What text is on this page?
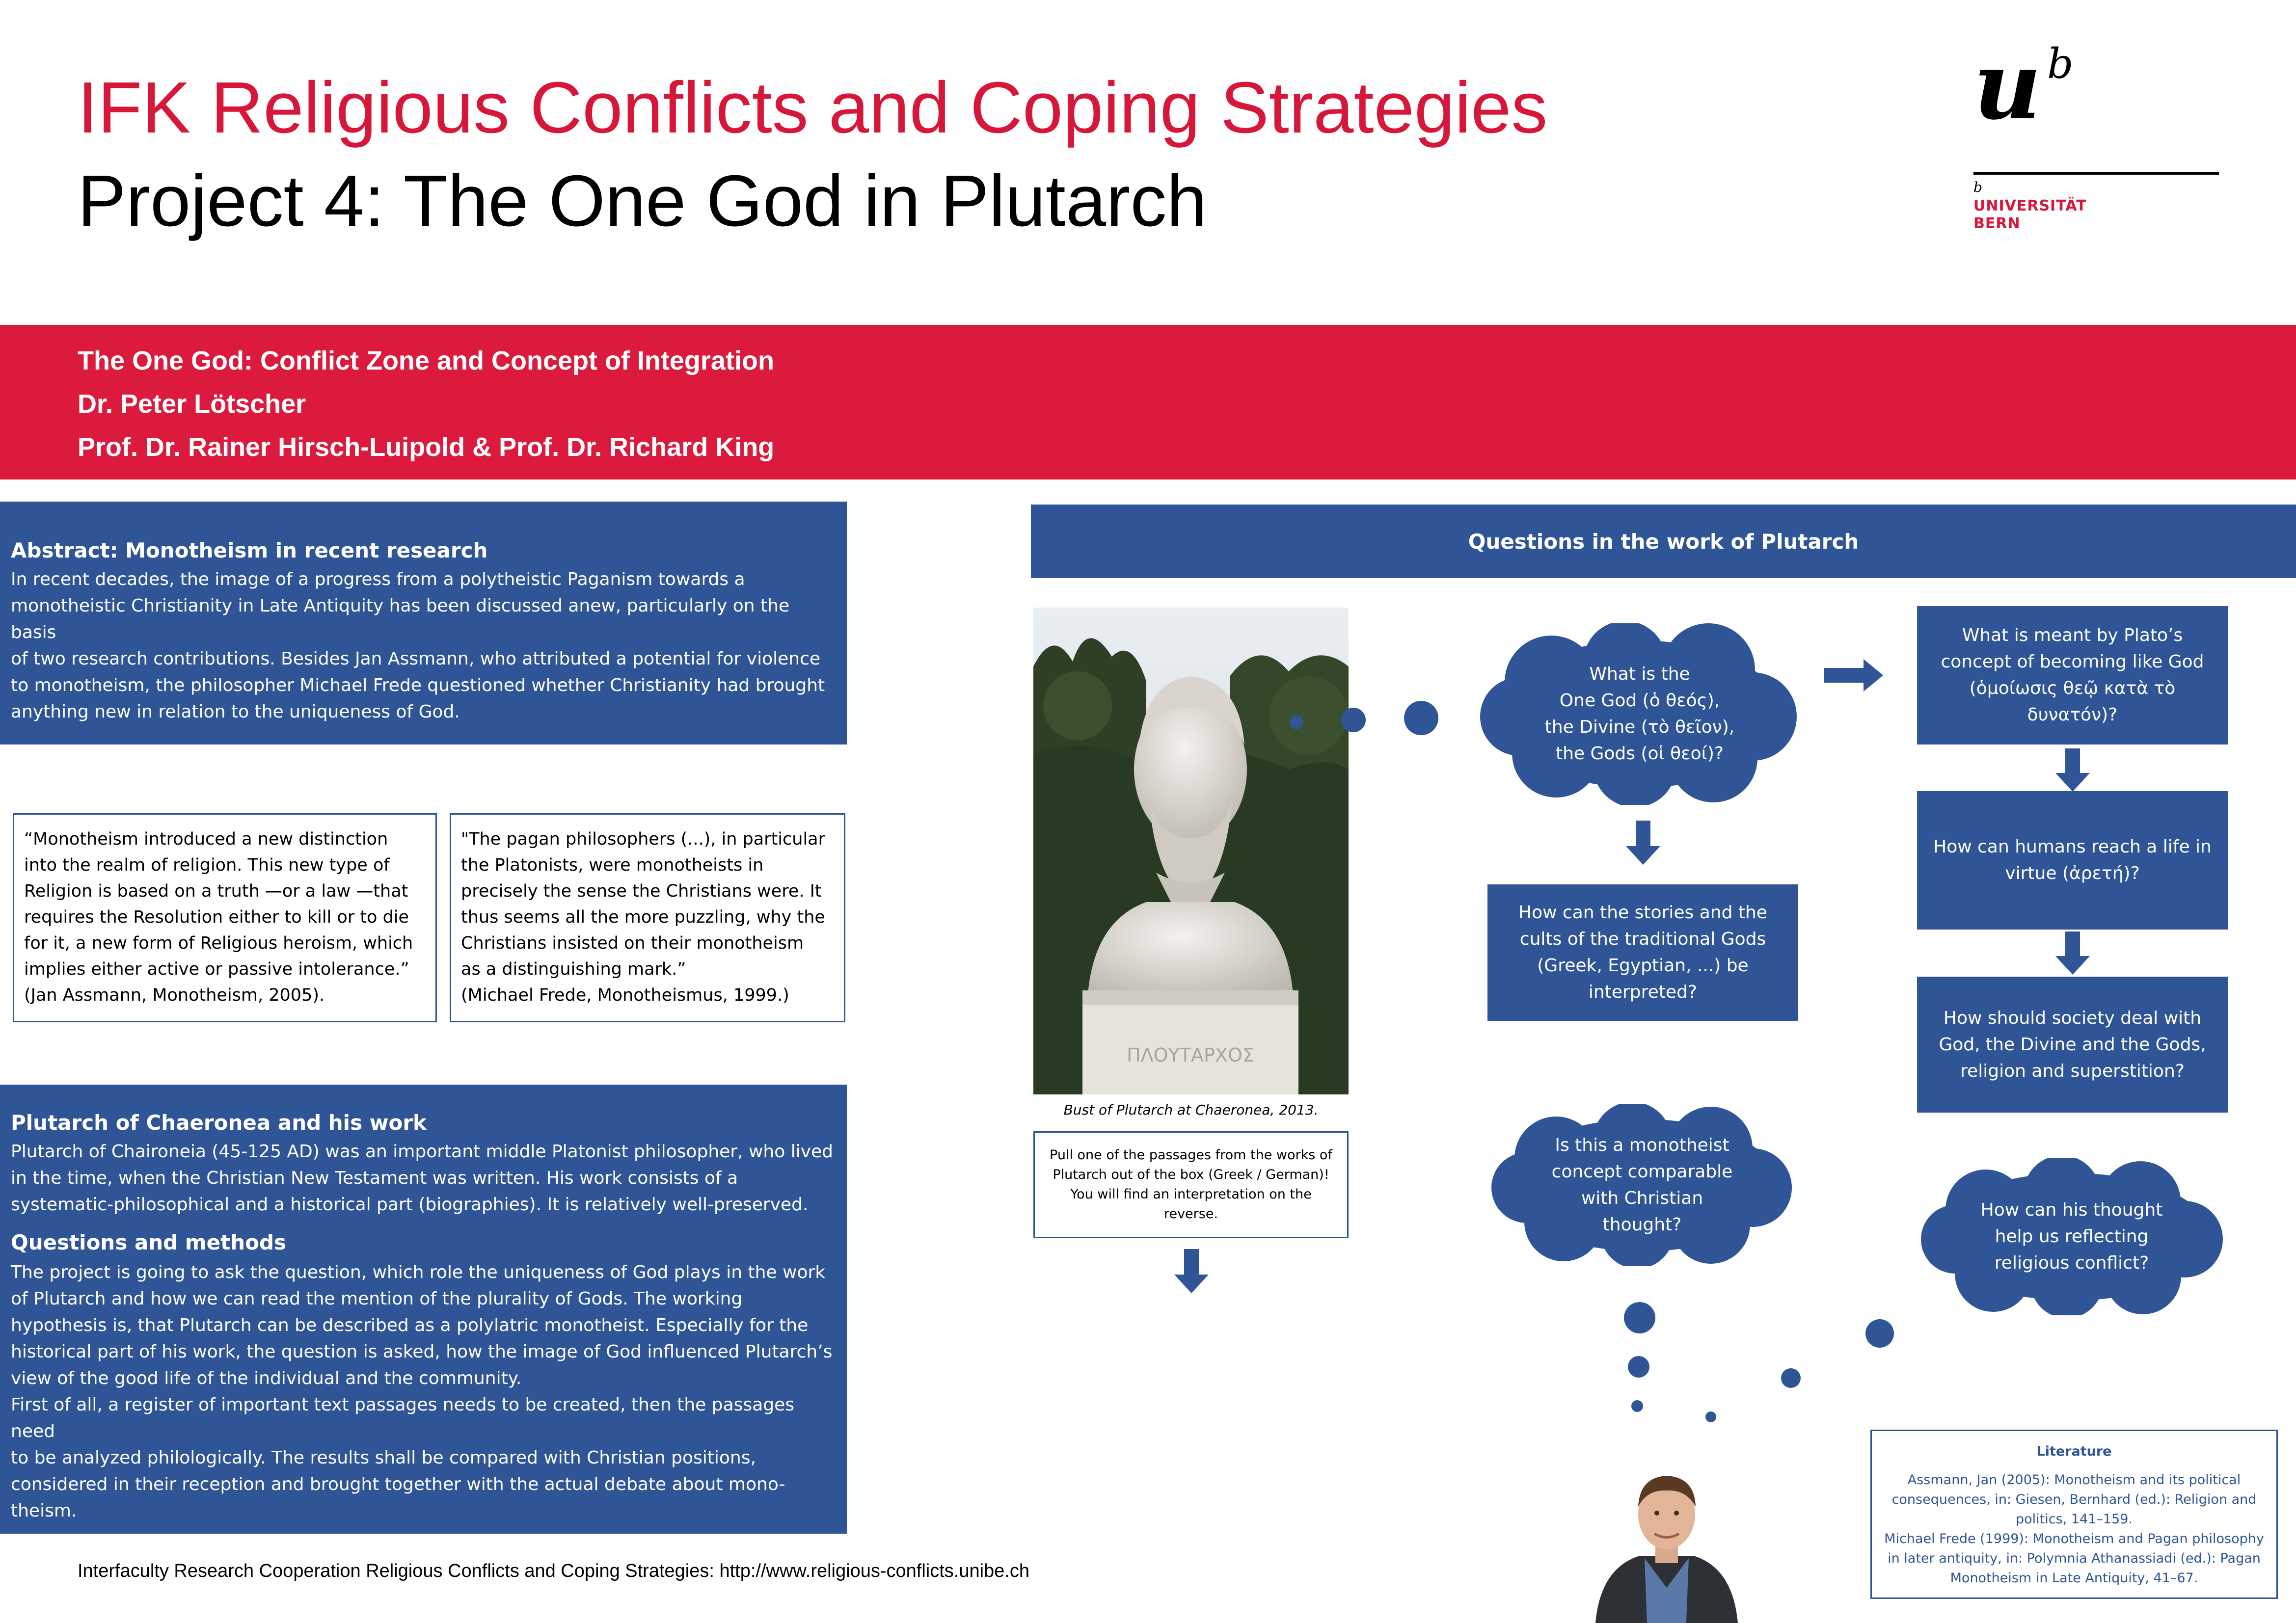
IFK Religious Conflicts and Coping Strategies
Project 4: The One God in Plutarch
u b
b
UNIVERSITÄT
BERN
The One God: Conflict Zone and Concept of Integration
Dr. Peter Lötscher
Prof. Dr. Rainer Hirsch-Luipold & Prof. Dr. Richard King
Abstract: Monotheism in recent research
In recent decades, the image of a progress from a polytheistic Paganism towards a
monotheistic Christianity in Late Antiquity has been discussed anew, particularly on the basis
of two research contributions. Besides Jan Assmann, who attributed a potential for violence
to monotheism, the philosopher Michael Frede questioned whether Christianity had brought
anything new in relation to the uniqueness of God.
“Monotheism introduced a new distinction
into the realm of religion. This new type of
Religion is based on a truth —or a law —that
requires the Resolution either to kill or to die
for it, a new form of Religious heroism, which
implies either active or passive intolerance.”
(Jan Assmann, Monotheism, 2005).
"The pagan philosophers (...), in particular
the Platonists, were monotheists in
precisely the sense the Christians were. It
thus seems all the more puzzling, why the
Christians insisted on their monotheism
as a distinguishing mark.”
(Michael Frede, Monotheismus, 1999.)
Plutarch of Chaeronea and his work
Plutarch of Chaironeia (45-125 AD) was an important middle Platonist philosopher, who lived
in the time, when the Christian New Testament was written. His work consists of a
systematic-philosophical and a historical part (biographies). It is relatively well-preserved.
Questions and methods
The project is going to ask the question, which role the uniqueness of God plays in the work
of Plutarch and how we can read the mention of the plurality of Gods. The working
hypothesis is, that Plutarch can be described as a polylatric monotheist. Especially for the
historical part of his work, the question is asked, how the image of God influenced Plutarch’s
view of the good life of the individual and the community.
First of all, a register of important text passages needs to be created, then the passages need
to be analyzed philologically. The results shall be compared with Christian positions,
considered in their reception and brought together with the actual debate about mono-
theism.
Interfaculty Research Cooperation Religious Conflicts and Coping Strategies: http://www.religious-conflicts.unibe.ch
Questions in the work of Plutarch
ΠΛΟΥΤΑΡΧΟΣ
Bust of Plutarch at Chaeronea, 2013.
Pull one of the passages from the works of
Plutarch out of the box (Greek / German)!
You will find an interpretation on the
reverse.
What is the
One God (ὁ θεός),
the Divine (τὸ θεῖον),
the Gods (οἱ θεοί)?
How can the stories and the
cults of the traditional Gods
(Greek, Egyptian, ...) be
interpreted?
Is this a monotheist
concept comparable
with Christian
thought?
What is meant by Plato’s
concept of becoming like God
(ὁμοίωσις θεῷ κατὰ τὸ
δυνατόν)?
How can humans reach a life in
virtue (ἀρετή)?
How should society deal with
God, the Divine and the Gods,
religion and superstition?
How can his thought
help us reflecting
religious conflict?
Literature
Assmann, Jan (2005): Monotheism and its political
consequences, in: Giesen, Bernhard (ed.): Religion and
politics, 141–159.
Michael Frede (1999): Monotheism and Pagan philosophy
in later antiquity, in: Polymnia Athanassiadi (ed.): Pagan
Monotheism in Late Antiquity, 41–67.
